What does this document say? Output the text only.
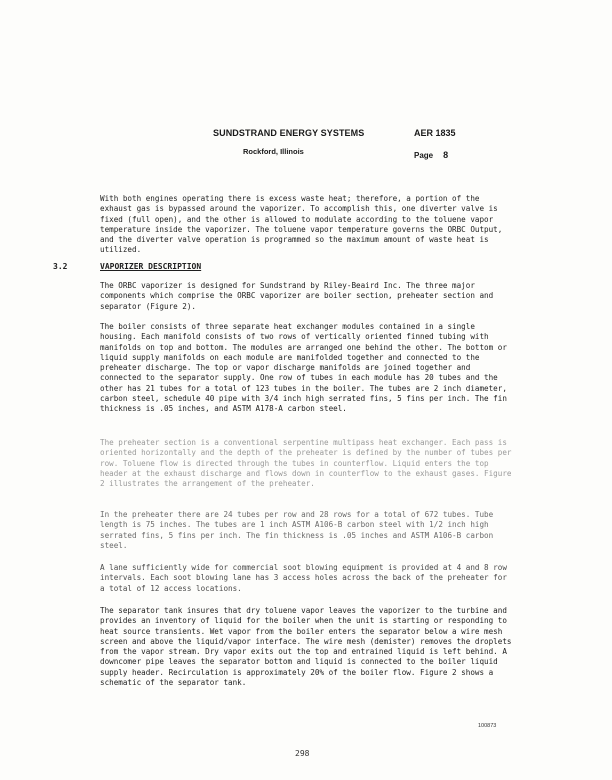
SUNDSTRAND ENERGY SYSTEMS
Rockford, Illinois
AER 1835
Page 8

With both engines operating there is excess waste heat; therefore, a portion of the exhaust gas is bypassed around the vaporizer. To accomplish this, one diverter valve is fixed (full open), and the other is allowed to modulate according to the toluene vapor temperature inside the vaporizer. The toluene vapor temperature governs the ORBC Output, and the diverter valve operation is programmed so the maximum amount of waste heat is utilized.

3.2	VAPORIZER DESCRIPTION

The ORBC vaporizer is designed for Sundstrand by Riley-Beaird Inc. The three major components which comprise the ORBC vaporizer are boiler section, preheater section and separator (Figure 2).

The boiler consists of three separate heat exchanger modules contained in a single housing. Each manifold consists of two rows of vertically oriented finned tubing with manifolds on top and bottom. The modules are arranged one behind the other. The bottom or liquid supply manifolds on each module are manifolded together and connected to the preheater discharge. The top or vapor discharge manifolds are joined together and connected to the separator supply. One row of tubes in each module has 20 tubes and the other has 21 tubes for a total of 123 tubes in the boiler. The tubes are 2 inch diameter, carbon steel, schedule 40 pipe with 3/4 inch high serrated fins, 5 fins per inch. The fin thickness is .05 inches, and ASTM A178-A carbon steel.

The preheater section is a conventional serpentine multipass heat exchanger. Each pass is oriented horizontally and the depth of the preheater is defined by the number of tubes per row. Toluene flow is directed through the tubes in counterflow. Liquid enters the top header at the exhaust discharge and flows down in counterflow to the exhaust gases. Figure 2 illustrates the arrangement of the preheater.

In the preheater there are 24 tubes per row and 28 rows for a total of 672 tubes. Tube length is 75 inches. The tubes are 1 inch ASTM A106-B carbon steel with 1/2 inch high serrated fins, 5 fins per inch. The fin thickness is .05 inches and ASTM A106-B carbon steel.

A lane sufficiently wide for commercial soot blowing equipment is provided at 4 and 8 row intervals. Each soot blowing lane has 3 access holes across the back of the preheater for a total of 12 access locations.

The separator tank insures that dry toluene vapor leaves the vaporizer to the turbine and provides an inventory of liquid for the boiler when the unit is starting or responding to heat source transients. Wet vapor from the boiler enters the separator below a wire mesh screen and above the liquid/vapor interface. The wire mesh (demister) removes the droplets from the vapor stream. Dry vapor exits out the top and entrained liquid is left behind. A downcomer pipe leaves the separator bottom and liquid is connected to the boiler liquid supply header. Recirculation is approximately 20% of the boiler flow. Figure 2 shows a schematic of the separator tank.

100873
298
